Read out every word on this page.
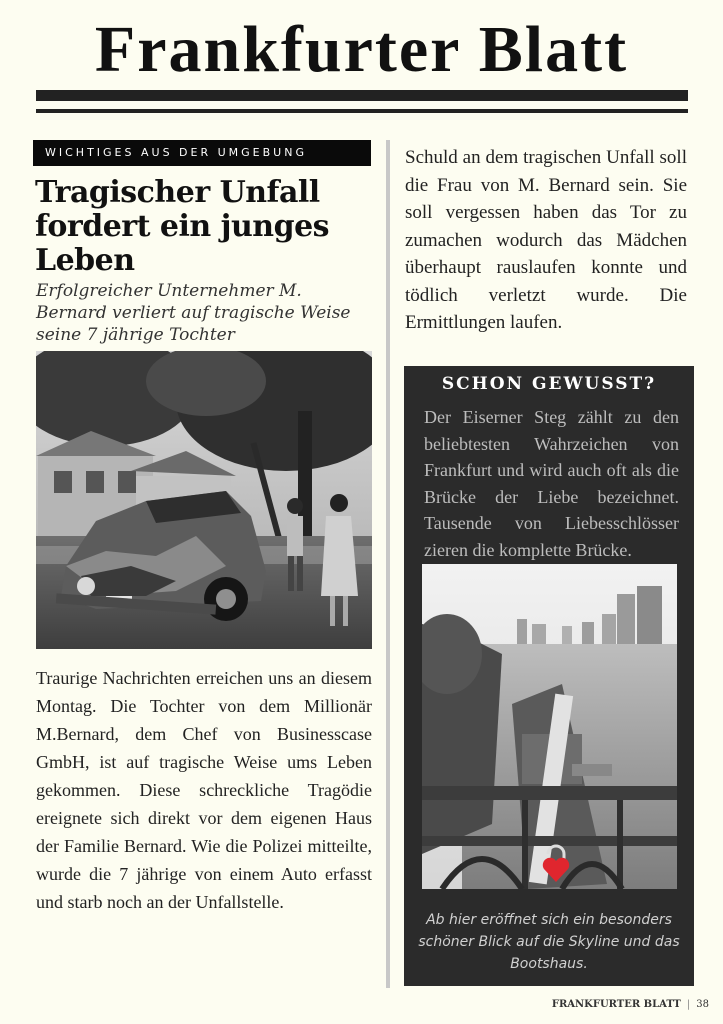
Frankfurter Blatt
WICHTIGES AUS DER UMGEBUNG
Tragischer Unfall fordert ein junges Leben
Erfolgreicher Unternehmer M. Bernard verliert auf tragische Weise seine 7 jährige Tochter
Traurige Nachrichten erreichen uns an diesem Montag. Die Tochter von dem Millionär M.Bernard, dem Chef von Businesscase GmbH, ist auf tragische Weise ums Leben gekommen. Diese schreckliche Tragödie ereignete sich direkt vor dem eigenen Haus der Familie Bernard. Wie die Polizei mitteilte, wurde die 7 jährige von einem Auto erfasst und starb noch an der Unfallstelle.
Schuld an dem tragischen Unfall soll die Frau von M. Bernard sein. Sie soll vergessen haben das Tor zu zumachen wodurch das Mädchen überhaupt rauslaufen konnte und tödlich verletzt wurde. Die Ermittlungen laufen.
SCHON GEWUSST?
Der Eiserner Steg zählt zu den beliebtesten Wahrzeichen von Frankfurt und wird auch oft als die Brücke der Liebe bezeichnet. Tausende von Liebesschlösser zieren die komplette Brücke.
Ab hier eröffnet sich ein besonders schöner Blick auf die Skyline und das Bootshaus.
FRANKFURTER BLATT | 38
